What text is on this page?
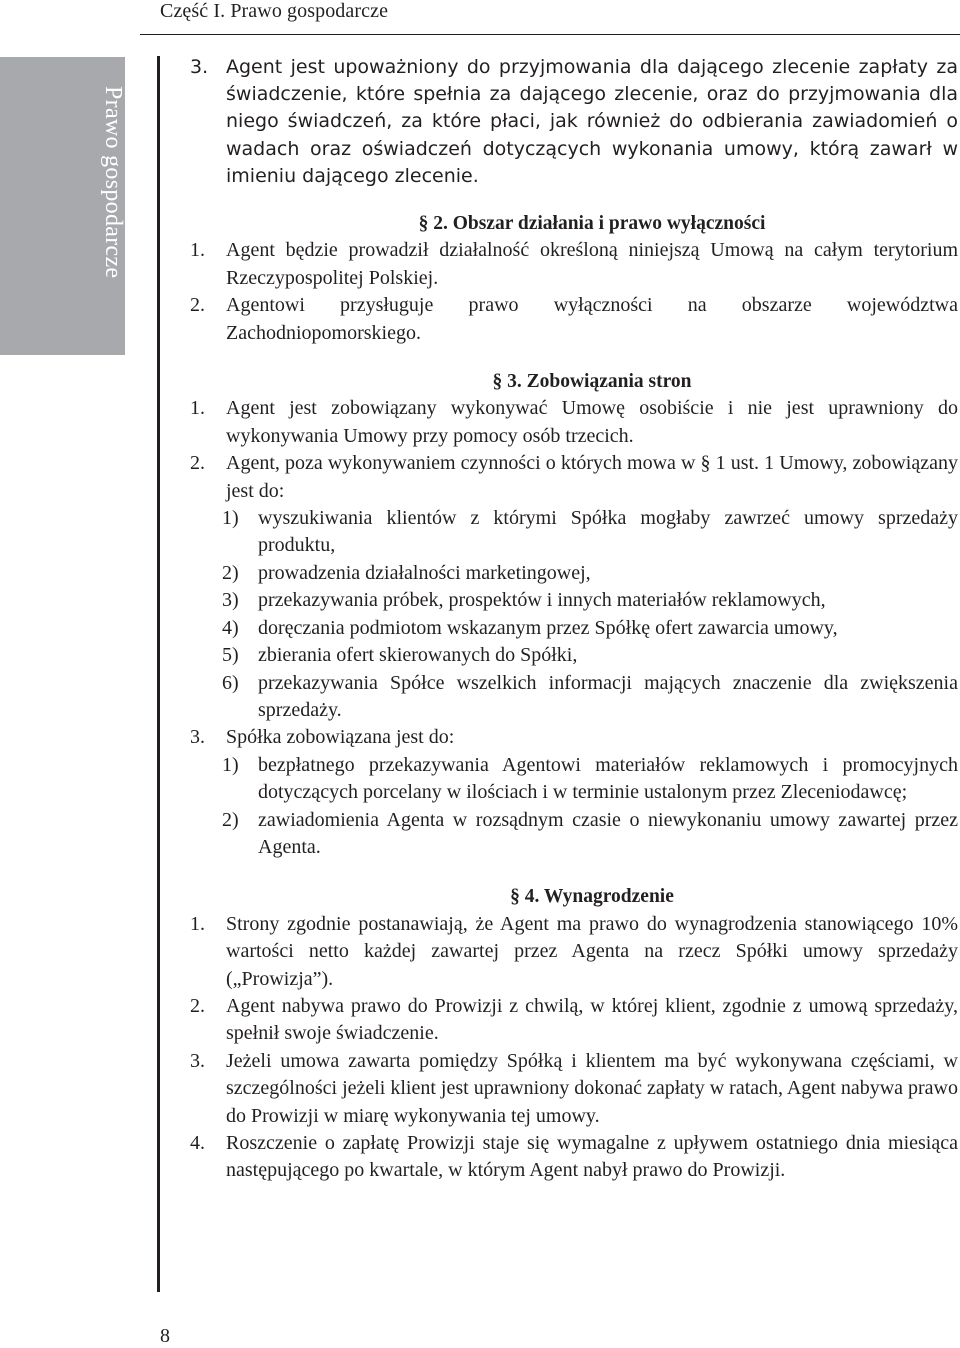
Część I. Prawo gospodarcze
Prawo gospodarcze
3. Agent jest upoważniony do przyjmowania dla dającego zlecenie zapłaty za świadczenie, które spełnia za dającego zlecenie, oraz do przyjmowania dla niego świadczeń, za które płaci, jak również do odbierania zawiadomień o wadach oraz oświadczeń dotyczących wykonania umowy, którą zawarł w imieniu dającego zlecenie.
§ 2. Obszar działania i prawo wyłączności
1.	Agent będzie prowadził działalność określoną niniejszą Umową na całym terytorium Rzeczypospolitej Polskiej.
2.	Agentowi przysługuje prawo wyłączności na obszarze województwa Zachodniopomorskiego.
§ 3. Zobowiązania stron
1.	Agent jest zobowiązany wykonywać Umowę osobiście i nie jest uprawniony do wykonywania Umowy przy pomocy osób trzecich.
2.	Agent, poza wykonywaniem czynności o których mowa w § 1 ust. 1 Umowy, zobowiązany jest do:
1) wyszukiwania klientów z którymi Spółka mogłaby zawrzeć umowy sprzedaży produktu,
2) prowadzenia działalności marketingowej,
3) przekazywania próbek, prospektów i innych materiałów reklamowych,
4) doręczania podmiotom wskazanym przez Spółkę ofert zawarcia umowy,
5) zbierania ofert skierowanych do Spółki,
6) przekazywania Spółce wszelkich informacji mających znaczenie dla zwiększenia sprzedaży.
3.	Spółka zobowiązana jest do:
1) bezpłatnego przekazywania Agentowi materiałów reklamowych i promocyjnych dotyczących porcelany w ilościach i w terminie ustalonym przez Zleceniodawcę;
2) zawiadomienia Agenta w rozsądnym czasie o niewykonaniu umowy zawartej przez Agenta.
§ 4. Wynagrodzenie
1.	Strony zgodnie postanawiają, że Agent ma prawo do wynagrodzenia stanowiącego 10% wartości netto każdej zawartej przez Agenta na rzecz Spółki umowy sprzedaży („Prowizja”).
2.	Agent nabywa prawo do Prowizji z chwilą, w której klient, zgodnie z umową sprzedaży, spełnił swoje świadczenie.
3.	Jeżeli umowa zawarta pomiędzy Spółką i klientem ma być wykonywana częściami, w szczególności jeżeli klient jest uprawniony dokonać zapłaty w ratach, Agent nabywa prawo do Prowizji w miarę wykonywania tej umowy.
4.	Roszczenie o zapłatę Prowizji staje się wymagalne z upływem ostatniego dnia miesiąca następującego po kwartale, w którym Agent nabył prawo do Prowizji.
8
